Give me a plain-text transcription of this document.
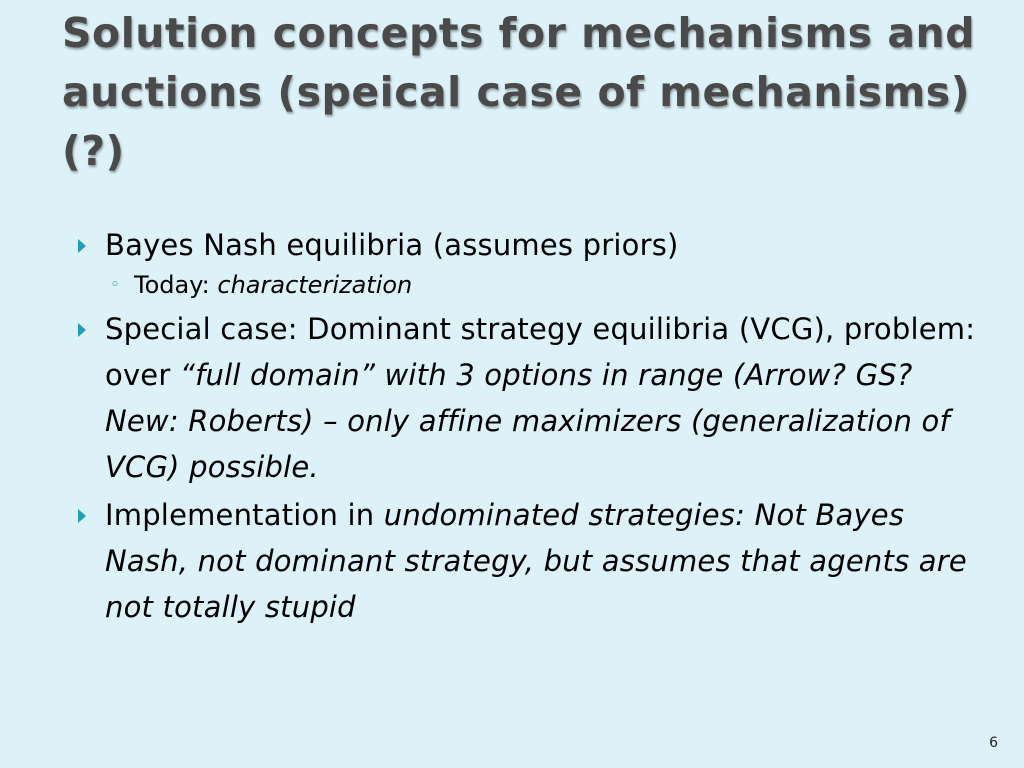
Solution concepts for mechanisms and auctions (speical case of mechanisms) (?)
Bayes Nash equilibria (assumes priors)
◦ Today: characterization
Special case: Dominant strategy equilibria (VCG), problem: over “full domain” with 3 options in range (Arrow? GS? New: Roberts) – only affine maximizers (generalization of VCG) possible.
Implementation in undominated strategies: Not Bayes Nash, not dominant strategy, but assumes that agents are not totally stupid
6
